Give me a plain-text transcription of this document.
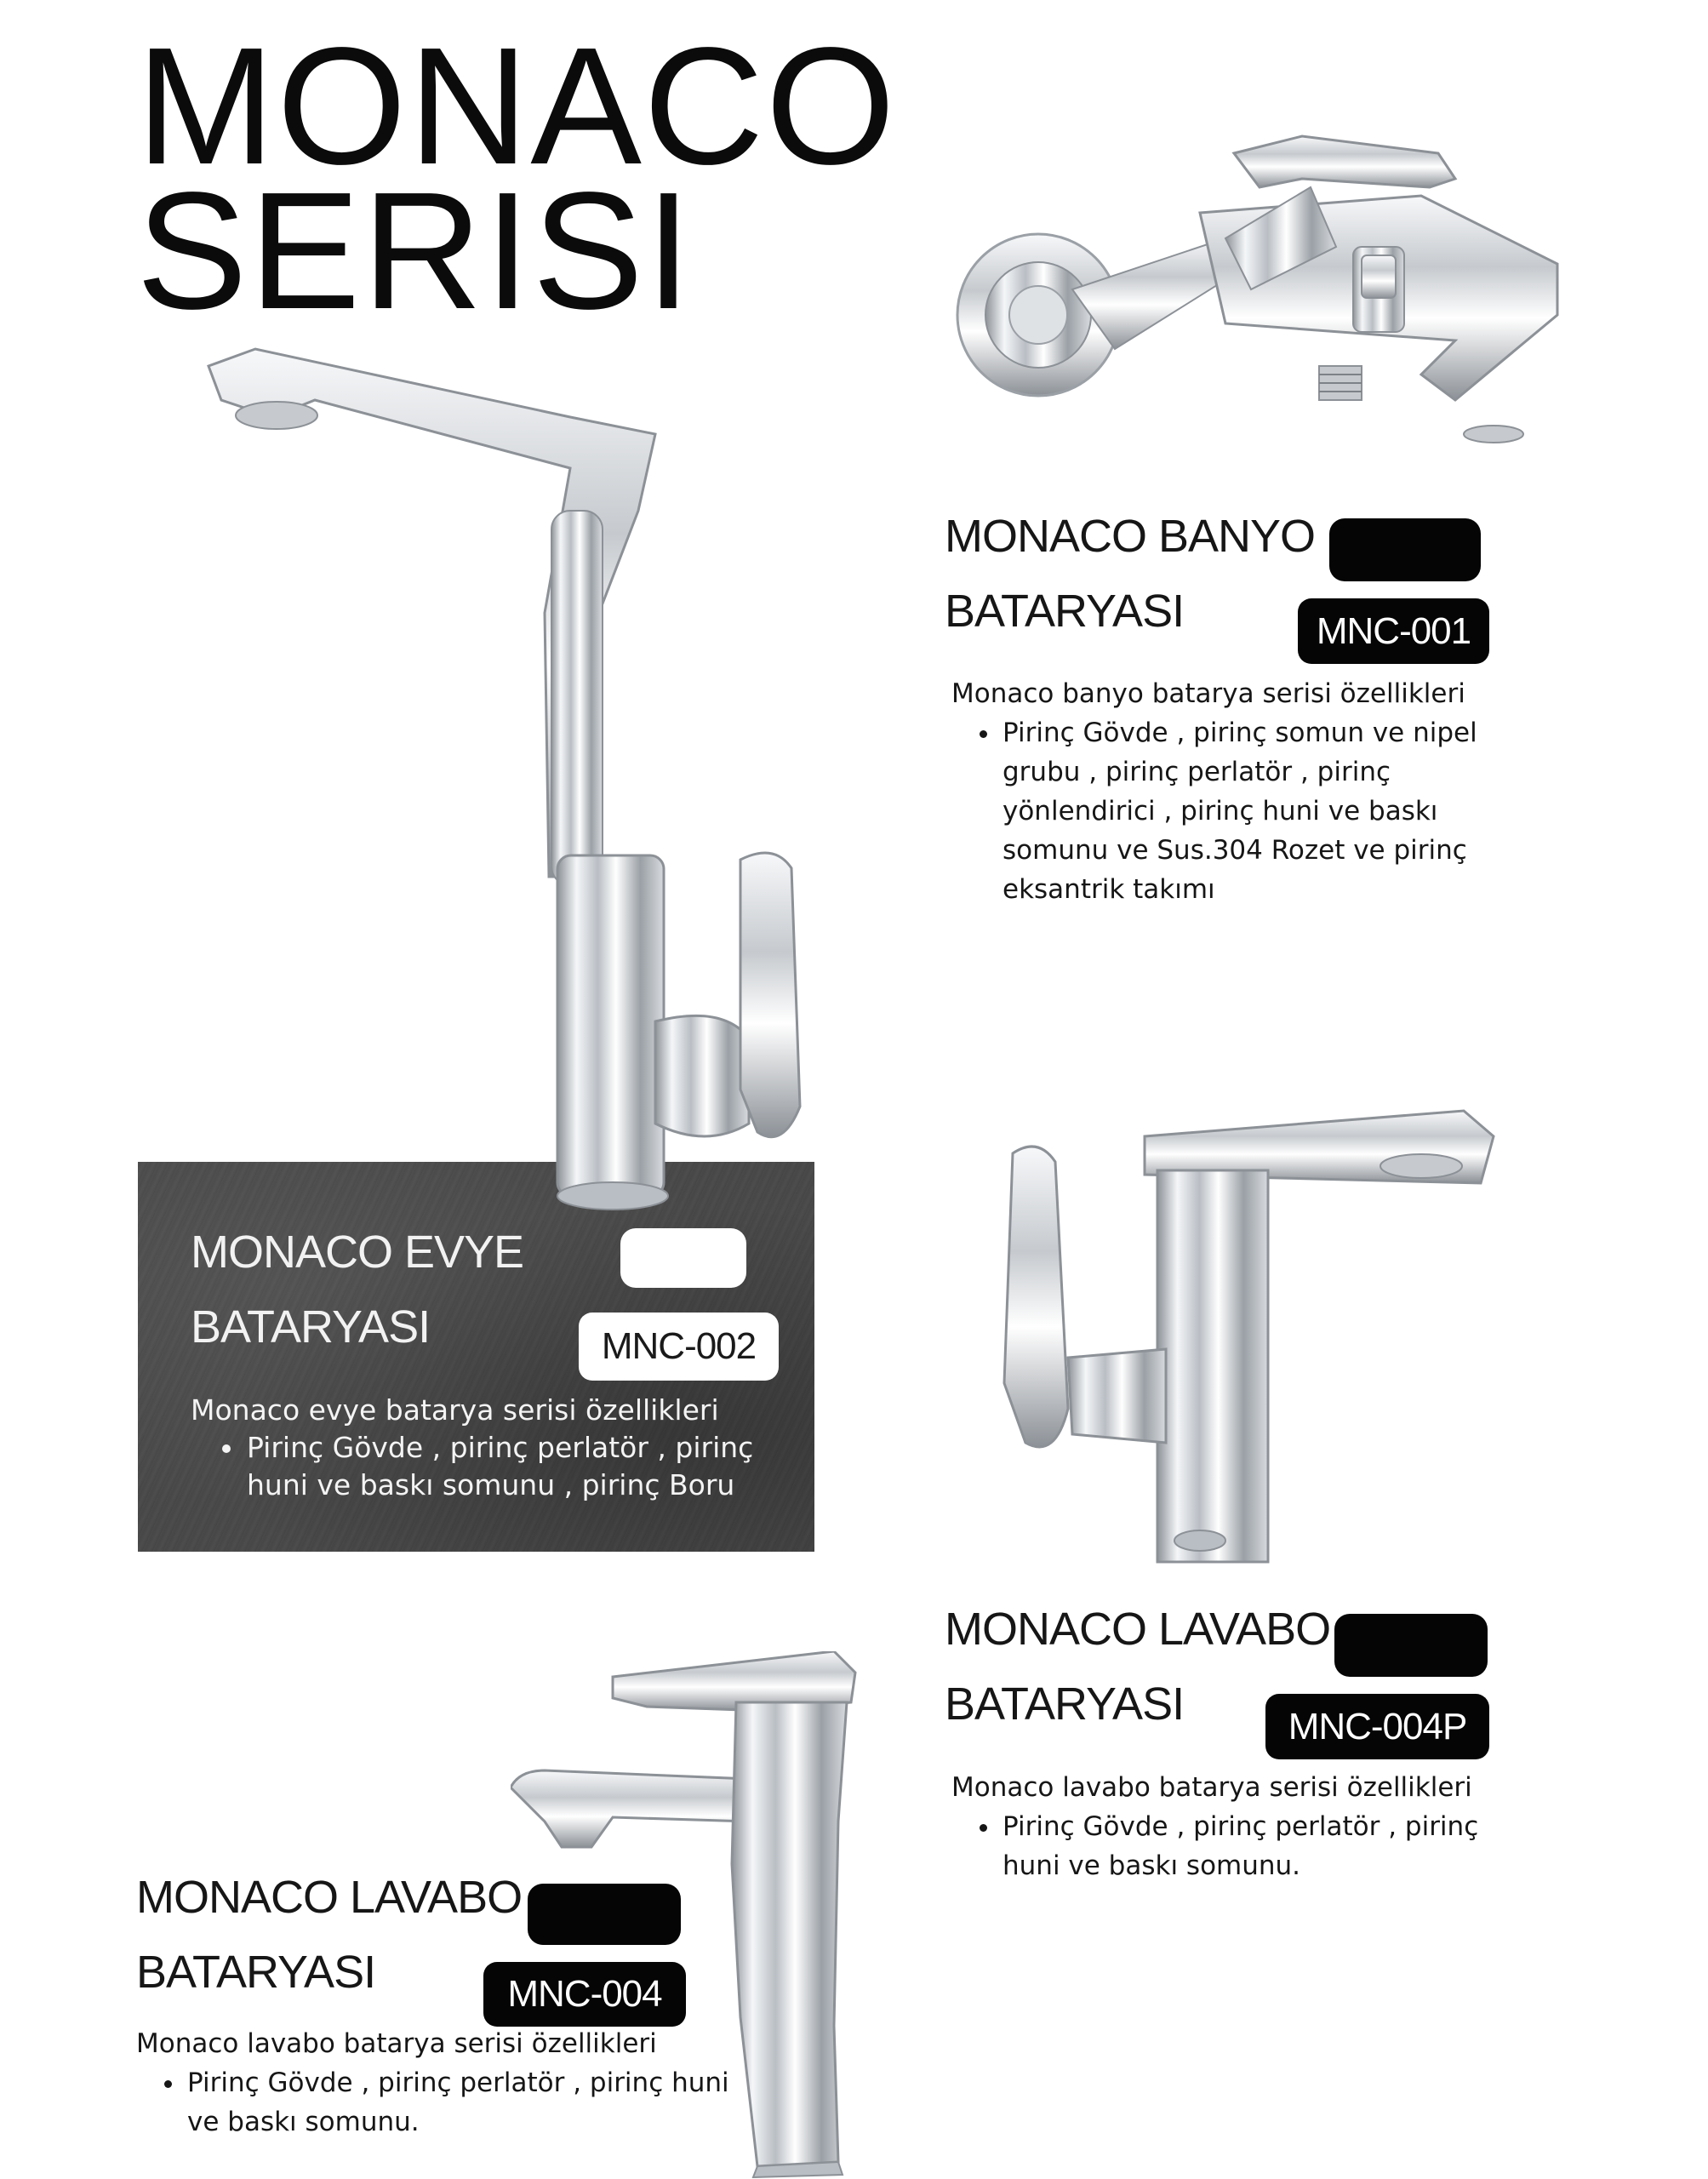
MONACO
SERISI
MONACO BANYO
BATARYASI	MNC-001

Monaco banyo batarya serisi özellikleri

• Pirinç Gövde , pirinç somun ve nipel grubu , pirinç perlatör , pirinç yönlendirici , pirinç huni ve baskı somunu ve Sus.304 Rozet ve pirinç eksantrik takımı
MONACO EVYE
BATARYASI	MNC-002

Monaco evye batarya serisi özellikleri

• Pirinç Gövde , pirinç perlatör , pirinç huni ve baskı somunu , pirinç Boru
MONACO LAVABO
BATARYASI	MNC-004P

Monaco lavabo batarya serisi özellikleri

• Pirinç Gövde , pirinç perlatör , pirinç huni ve baskı somunu.
MONACO LAVABO
BATARYASI	MNC-004

Monaco lavabo batarya serisi özellikleri

• Pirinç Gövde , pirinç perlatör , pirinç huni ve baskı somunu.
